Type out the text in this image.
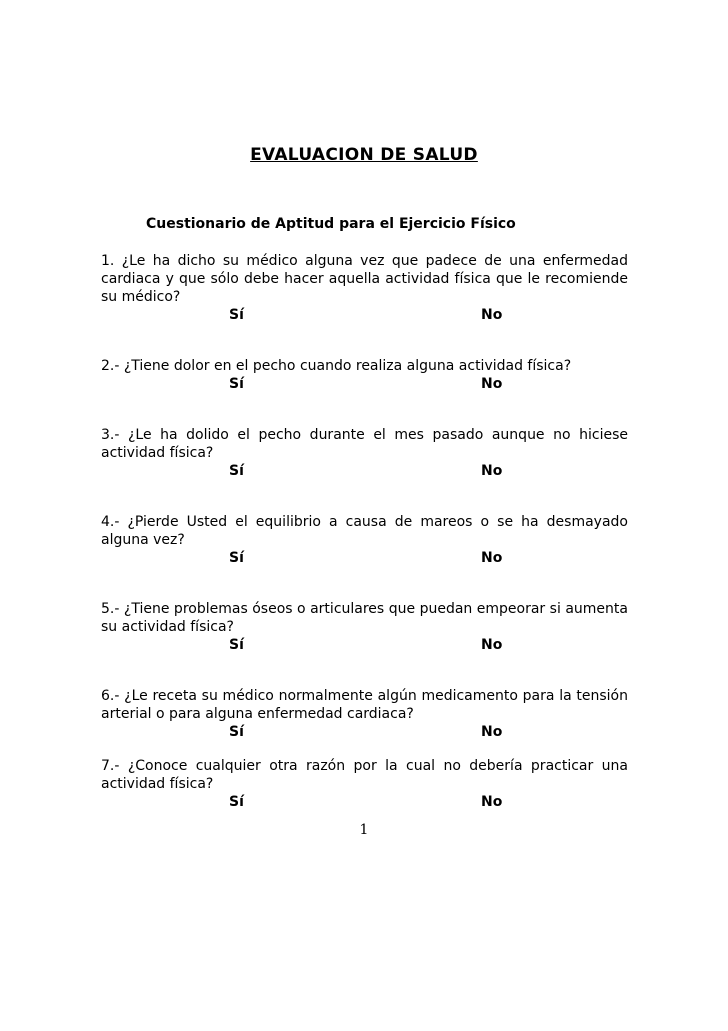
EVALUACION DE SALUD
Cuestionario de Aptitud para el Ejercicio Físico
1. ¿Le ha dicho su médico alguna vez que padece de una enfermedad cardiaca y que sólo debe hacer aquella actividad física que le recomiende su médico?
Sí	No
2.- ¿Tiene dolor en el pecho cuando realiza alguna actividad física?
Sí	No
3.- ¿Le ha dolido el pecho durante el mes pasado aunque no hiciese actividad física?
Sí	No
4.- ¿Pierde Usted el equilibrio a causa de mareos o se ha desmayado alguna vez?
Sí	No
5.- ¿Tiene problemas óseos o articulares que puedan empeorar si aumenta su actividad física?
Sí	No
6.- ¿Le receta su médico normalmente algún medicamento para la tensión arterial o para alguna enfermedad cardiaca?
Sí	No
7.- ¿Conoce cualquier otra razón por la cual no debería practicar una actividad física?
Sí	No
1
